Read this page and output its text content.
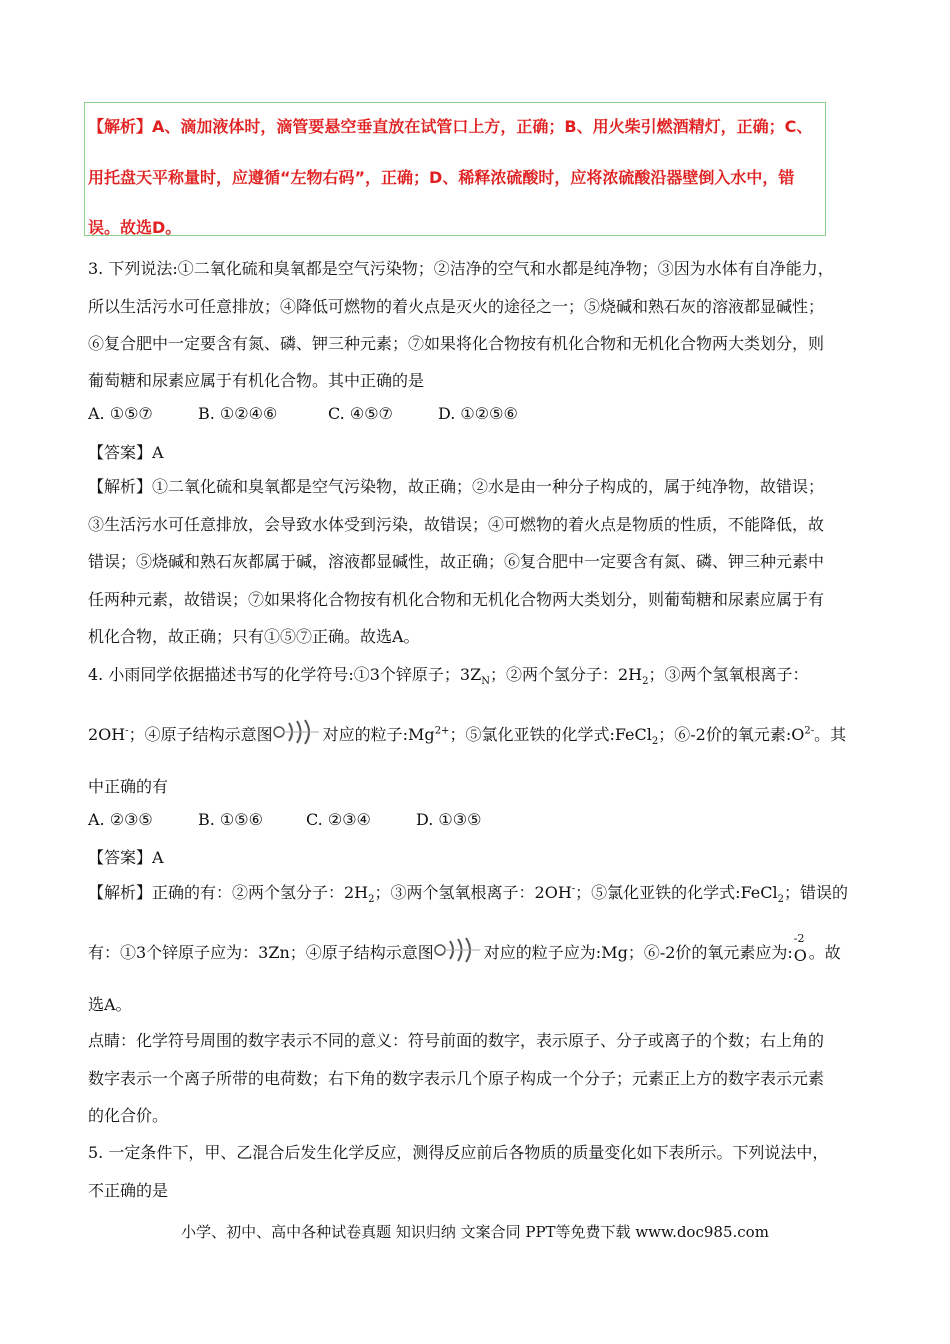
【解析】A、滴加液体时，滴管要悬空垂直放在试管口上方，正确；B、用火柴引燃酒精灯，正确；C、
用托盘天平称量时，应遵循“左物右码”，正确；D、稀释浓硫酸时，应将浓硫酸沿器壁倒入水中，错
误。故选D。
3. 下列说法:①二氧化硫和臭氧都是空气污染物；②洁净的空气和水都是纯净物；③因为水体有自净能力，
所以生活污水可任意排放；④降低可燃物的着火点是灭火的途径之一；⑤烧碱和熟石灰的溶液都显碱性；
⑥复合肥中一定要含有氮、磷、钾三种元素；⑦如果将化合物按有机化合物和无机化合物两大类划分，则
葡萄糖和尿素应属于有机化合物。其中正确的是
A. ①⑤⑦	B. ①②④⑥	C. ④⑤⑦	D. ①②⑤⑥
【答案】A
【解析】①二氧化硫和臭氧都是空气污染物，故正确；②水是由一种分子构成的，属于纯净物，故错误；
③生活污水可任意排放，会导致水体受到污染，故错误；④可燃物的着火点是物质的性质，不能降低，故
错误；⑤烧碱和熟石灰都属于碱，溶液都显碱性，故正确；⑥复合肥中一定要含有氮、磷、钾三种元素中
任两种元素，故错误；⑦如果将化合物按有机化合物和无机化合物两大类划分，则葡萄糖和尿素应属于有
机化合物，故正确；只有①⑤⑦正确。故选A。
4. 小雨同学依据描述书写的化学符号:①3个锌原子；$3Z_N$；②两个氢分子：$2H_2$；③两个氢氧根离子：
2OH-；④原子结构示意图	对应的粒子$:Mg^{2+}$；⑤氯化亚铁的化学式:FeCl$_2$；⑥-2价的氧元素$:O^{2-}$。其
中正确的有
A. ②③⑤	B. ①⑤⑥	C. ②③④	D. ①③⑤
【答案】A
【解析】正确的有：②两个氢分子：$2H_2$；③两个氢氧根离子：2OH-；⑤氯化亚铁的化学式:FeCl$_2$；错误的
有：①3个锌原子应为：3Zn；④原子结构示意图	对应的粒子应为:Mg；⑥-2价的氧元素应为:
-2
O 。故
选A。
点睛：化学符号周围的数字表示不同的意义：符号前面的数字，表示原子、分子或离子的个数；右上角的
数字表示一个离子所带的电荷数；右下角的数字表示几个原子构成一个分子；元素正上方的数字表示元素
的化合价。
5. 一定条件下，甲、乙混合后发生化学反应，测得反应前后各物质的质量变化如下表所示。下列说法中，
不正确的是
小学、初中、高中各种试卷真题 知识归纳 文案合同 PPT等免费下载 www.doc985.com
